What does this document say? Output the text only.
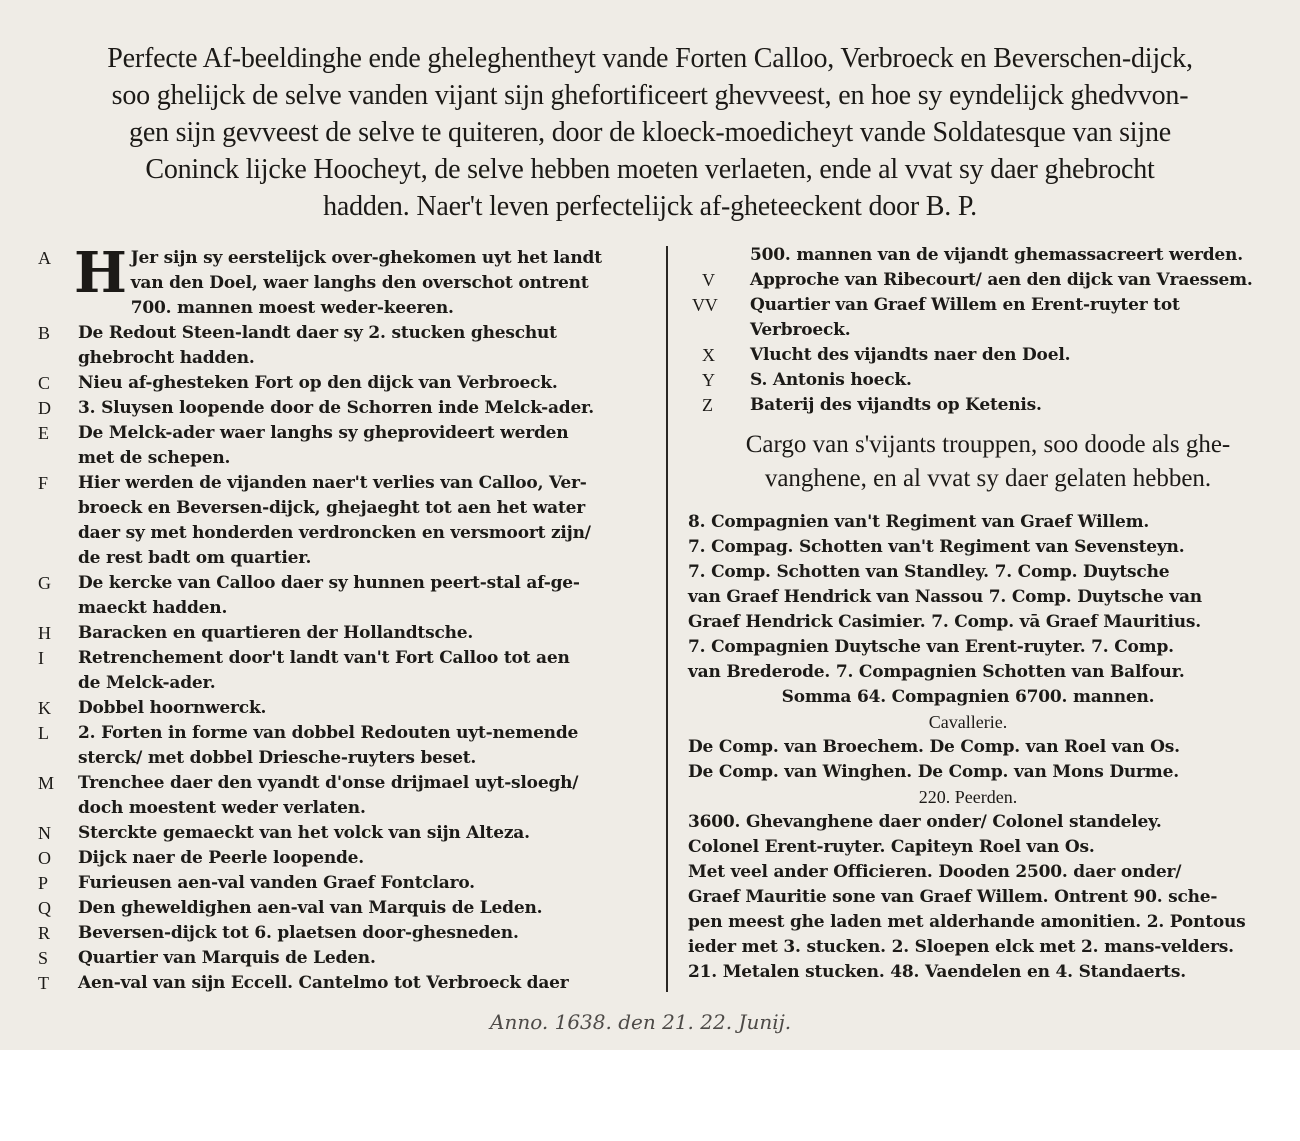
Perfecte Af-beeldinghe ende gheleghentheyt vande Forten Calloo, Verbroeck en Beverschen-dijck,
soo ghelijck de selve vanden vijant sijn ghefortificeert ghevveest, en hoe sy eyndelijck ghedvvon-
gen sijn gevveest de selve te quiteren, door de kloeck-moedicheyt vande Soldatesque van sijne
Coninck lijcke Hoocheyt, de selve hebben moeten verlaeten, ende al vvat sy daer ghebrocht
hadden. Naer't leven perfectelijck af-gheteeckent door B. P.
A H Jer sijn sy eerstelijck over-ghekomen uyt het landt
van den Doel, waer langhs den overschot ontrent
700. mannen moest weder-keeren.
B	De Redout Steen-landt daer sy 2. stucken gheschut
ghebrocht hadden.
C	Nieu af-ghesteken Fort op den dijck van Verbroeck.
D	3. Sluysen loopende door de Schorren inde Melck-ader.
E	De Melck-ader waer langhs sy gheprovideert werden
met de schepen.
F	Hier werden de vijanden naer't verlies van Calloo, Ver-
broeck en Beversen-dijck, ghejaeght tot aen het water
daer sy met honderden verdroncken en versmoort zijn/
de rest badt om quartier.
G	De kercke van Calloo daer sy hunnen peert-stal af-ge-
maeckt hadden.
H	Baracken en quartieren der Hollandtsche.
I	Retrenchement door't landt van't Fort Calloo tot aen
de Melck-ader.
K	Dobbel hoornwerck.
L	2. Forten in forme van dobbel Redouten uyt-nemende
sterck/ met dobbel Driesche-ruyters beset.
M	Trenchee daer den vyandt d'onse drijmael uyt-sloegh/
doch moestent weder verlaten.
N	Sterckte gemaeckt van het volck van sijn Alteza.
O	Dijck naer de Peerle loopende.
P	Furieusen aen-val vanden Graef Fontclaro.
Q	Den gheweldighen aen-val van Marquis de Leden.
R	Beversen-dijck tot 6. plaetsen door-ghesneden.
S	Quartier van Marquis de Leden.
T	Aen-val van sijn Eccell. Cantelmo tot Verbroeck daer
500. mannen van de vijandt ghemassacreert werden.
V Approche van Ribecourt/ aen den dijck van Vraessem.
VV Quartier van Graef Willem en Erent-ruyter tot
Verbroeck.
X Vlucht des vijandts naer den Doel.
Y S. Antonis hoeck.
Z Baterij des vijandts op Ketenis.
Cargo van s'vijants trouppen, soo doode als ghe-
vanghene, en al vvat sy daer gelaten hebben.
8. Compagnien van't Regiment van Graef Willem.
7. Compag. Schotten van't Regiment van Sevensteyn.
7. Comp. Schotten van Standley. 7. Comp. Duytsche
van Graef Hendrick van Nassou 7. Comp. Duytsche van
Graef Hendrick Casimier. 7. Comp. vā Graef Mauritius.
7. Compagnien Duytsche van Erent-ruyter. 7. Comp.
van Brederode. 7. Compagnien Schotten van Balfour.
Somma 64. Compagnien 6700. mannen.
Cavallerie.
De Comp. van Broechem. De Comp. van Roel van Os.
De Comp. van Winghen. De Comp. van Mons Durme.
220. Peerden.
3600. Ghevanghene daer onder/ Colonel standeley.
Colonel Erent-ruyter. Capiteyn Roel van Os.
Met veel ander Officieren. Dooden 2500. daer onder/
Graef Mauritie sone van Graef Willem. Ontrent 90. sche-
pen meest ghe laden met alderhande amonitien. 2. Pontous
ieder met 3. stucken. 2. Sloepen elck met 2. mans-velders.
21. Metalen stucken. 48. Vaendelen en 4. Standaerts.
Anno. 1638. den 21. 22. Junij.
